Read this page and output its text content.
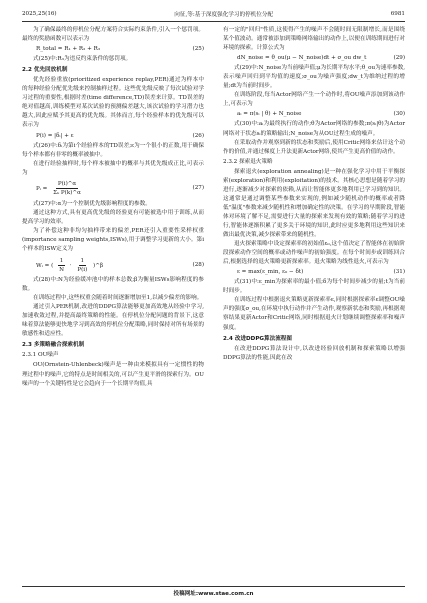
2025,25(16)	向征,等:基于深度强化学习的停机位分配	6981

为了确保最终的停机位分配方案符合实际约束条件,引入一个惩罚项。最终的奖励函数可以表示为

R_total = R₁ + R₂ + R₃	(25)

式(25)中:R₃为违反约束条件的惩罚项。

2.2 优先回放机制

优先经验重放(prioritized experience replay,PER)通过为样本中的每种经验分配优先级来控制抽样过程。这些优先级反映了每次试验对学习过程的重要性,根据时差(time difference,TD)误差来计算。TD误差的绝对值越高,训练模型对某次试验的预测偏差越大,该次试验的学习潜力也越大,因此应赋予其更高的优先级。其体而言,每个经验样本的优先级可以表示为

P(i) = |δᵢ| + ε	(26)

式(26)中:δᵢ为第i个经验样本的TD误差;ε为一个很小的正数,用于确保每个样本都有非零的概率被抽中。

在进行经验抽样时,每个样本被抽中的概率与其优先级成正比,可表示为

Pᵢ = $\frac{P(i)\^{}\alpha}{\text{Σₖ P(k)\textasciicircum{}α}}$	(27)

式(27)中:α为一个控制优先级影响程度的参数。

通过这种方式,具有更高优先级的经验更有可能被选中用于训练,从而提高学习的效率。

为了补偿这种非均匀抽样带来的偏差,PER还引入重要性采样权重(importance sampling weights,ISWs),用于调整学习更新的大小。第i个样本的ISW定义为

Wᵢ = ( $\frac{1}{N} \cdot \frac{1}{P(i)}$ )^β	(28)

式(28)中:N为经验缓冲池中的样本总数;β为衡量ISWs影响程度的参数。

在训练过程中,这些权重会随着时间逐渐增加至1,以减少偏差的影响。

通过引入PER机制,改进的DDPG算法能够更加高效地从经验中学习,加速收敛过程,并提高最终策略的性能。在停机位分配问题的背景下,这意味着算法能够更快地学习到高效的停机位分配策略,同时保持对所有场景的敏感性和适应性。

2.3 多策略融合探索机制
2.3.1 OU噪声

OU(Ornstein-Uhlenbeck)噪声是一种由来模拟具有一定惯性的物理过程中的噪声,它的特点是时间相关的,可以产生更平滑的探索行为。OU噪声的一个关键特性是它会趋向于一个长期平均值,具

有一定的"回归"性质,这使得产生的噪声不会随时间无限制增长,而是围绕某个值波动。通常被添加到策略网络输出的动作上,以便在训练期间进行对环境的探索。计算公式为

dN_noise = θ_ou(μ − N_noise)dt + σ_ou dw_t	(29)

式(29)中:N_noise为当前噪声值;μ为长期平均水平;θ_ou为速率参数,表示噪声回归到平均值的速度;σ_ou为噪声强度;dw_t为维纳过程的增量;dt为当前时间步。

在训练阶段,每当Actor网络产生一个动作时,将OU噪声添加到该动作上,可表示为

aᵢ = π(sᵢ | θ) + N_noise	(30)

式(30)中:aᵢ为最终执行的动作;θ为Actor网络的参数;π(sᵢ|θ)为Actor网络对于状态sᵢ的策略输出;N_noise为从OU过程生成的噪声。

在采取动作并观察到新的状态和奖励后,使用Critic网络来估计这个动作的价值,并通过梯度上升法更新Actor网络,使其产生更高价值的动作。

2.3.2 探索退火策略

探索退火(exploration annealing)是一种在强化学习中用于平衡探索(exploration)和利用(exploitation)的技术。其核心思想是随着学习的进行,逐渐减少对探索的依赖,从而让智能体更多地利用已学习到的知识。这通常是通过调整某些参数来实现的,例如减少随机动作的概率或者降低"温度"参数来减少随机性和增加确定性的决策。在学习的早期阶段,智能体对环境了解不足,需要进行大量的探索来发现有效的策略;随着学习的进行,智能体逐渐积累了更多关于环境的知识,此时应更多地利用这些知识来做出最优决策,减少探索带来的随机性。

退火探索策略中设定探索率的初始值ε₀,这个值决定了智能体在初始阶段探索动作空间的概率或动作噪声的初始强度。在每个时间步或训练回合后,根据选择的退火策略更新探索率。退火策略为线性退火,可表示为

ε = max(ε_min, ε₀ − δt)	(31)

式(31)中:ε_min为探索率的最小值;δ为每个时间步减少的量;t为当前时间步。

在训练过程中根据退火策略更新探索率ε,同时根据探索率ε调整OU噪声的强度σ_ou,在环境中执行动作并产生动作,观察新状态和奖励,再根据观察结果更新Actor和Critic网络,同时根据退火计划继续调整探索率和噪声强度。

2.4 改进DDPG算法流程图

在改进DDPG算法设计中,以改进经验回放机制和探索策略以增强DDPG算法的性能,因此在改

投稿网址:www.stae.com.cn
